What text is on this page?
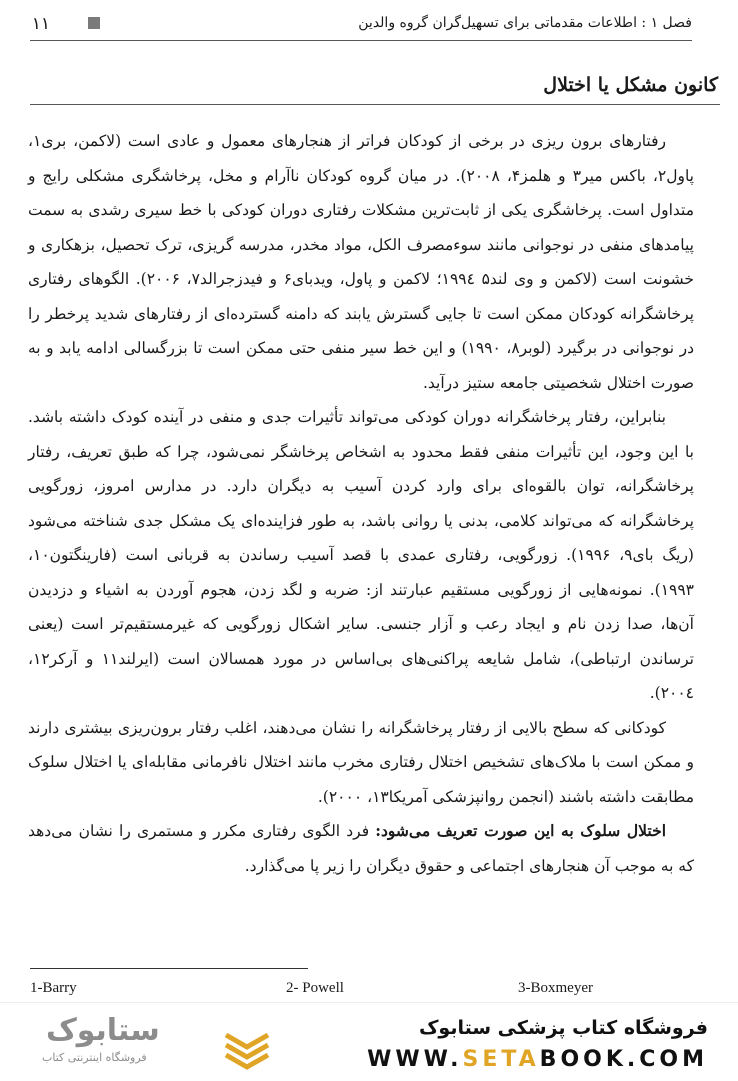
۱۱	فصل ۱ : اطلاعات مقدماتی برای تسهیل‌گران گروه والدین
کانون مشکل یا اختلال

رفتارهای برون ریزی در برخی از کودکان فراتر از هنجارهای معمول و عادی است (لاکمن، بری۱، پاول۲، باکس میر۳ و هلمز۴، ۲۰۰۸). در میان گروه کودکان ناآرام و مخل، پرخاشگری مشکلی رایج و متداول است. پرخاشگری یکی از ثابت‌ترین مشکلات رفتاری دوران کودکی با خط سیری رشدی به سمت پیامدهای منفی در نوجوانی مانند سوءمصرف الکل، مواد مخدر، مدرسه گریزی، ترک تحصیل، بزهکاری و خشونت است (لاکمن و وی لند۵ ۱۹۹٤؛ لاکمن و پاول، ویدبای۶ و فیدزجرالد۷، ۲۰۰۶). الگوهای رفتاری پرخاشگرانه کودکان ممکن است تا جایی گسترش یابند که دامنه گسترده‌ای از رفتارهای شدید پرخطر را در نوجوانی در برگیرد (لوبر۸، ۱۹۹۰) و این خط سیر منفی حتی ممکن است تا بزرگسالی ادامه یابد و به صورت اختلال شخصیتی جامعه ستیز درآید.

بنابراین، رفتار پرخاشگرانه دوران کودکی می‌تواند تأثیرات جدی و منفی در آینده کودک داشته باشد. با این وجود، این تأثیرات منفی فقط محدود به اشخاص پرخاشگر نمی‌شود، چرا که طبق تعریف، رفتار پرخاشگرانه، توان بالقوه‌ای برای وارد کردن آسیب به دیگران دارد. در مدارس امروز، زورگویی پرخاشگرانه که می‌تواند کلامی، بدنی یا روانی باشد، به طور فزاینده‌ای یک مشکل جدی شناخته می‌شود (ریگ بای۹، ۱۹۹۶). زورگویی، رفتاری عمدی با قصد آسیب رساندن به قربانی است (فارینگتون۱۰، ۱۹۹۳). نمونه‌هایی از زورگویی مستقیم عبارتند از: ضربه و لگد زدن، هجوم آوردن به اشیاء و دزدیدن آن‌ها، صدا زدن نام و ایجاد رعب و آزار جنسی. سایر اشکال زورگویی که غیرمستقیم‌تر است (یعنی ترساندن ارتباطی)، شامل شایعه پراکنی‌های بی‌اساس در مورد همسالان است (ایرلند۱۱ و آرکر۱۲، ۲۰۰٤).

کودکانی که سطح بالایی از رفتار پرخاشگرانه را نشان می‌دهند، اغلب رفتار برون‌ریزی بیشتری دارند و ممکن است با ملاک‌های تشخیص اختلال رفتاری مخرب مانند اختلال نافرمانی مقابله‌ای یا اختلال سلوک مطابقت داشته باشند (انجمن روانپزشکی آمریکا۱۳، ۲۰۰۰).

اختلال سلوک به این صورت تعریف می‌شود: فرد الگوی رفتاری مکرر و مستمری را نشان می‌دهد که به موجب آن هنجارهای اجتماعی و حقوق دیگران را زیر پا می‌گذارد.

1-Barry	2- Powell	3-Boxmeyer
ستابوک
فروشگاه اینترنتی کتاب
فروشگاه کتاب پزشکی ستابوک
WWW.SETABOOK.COM
